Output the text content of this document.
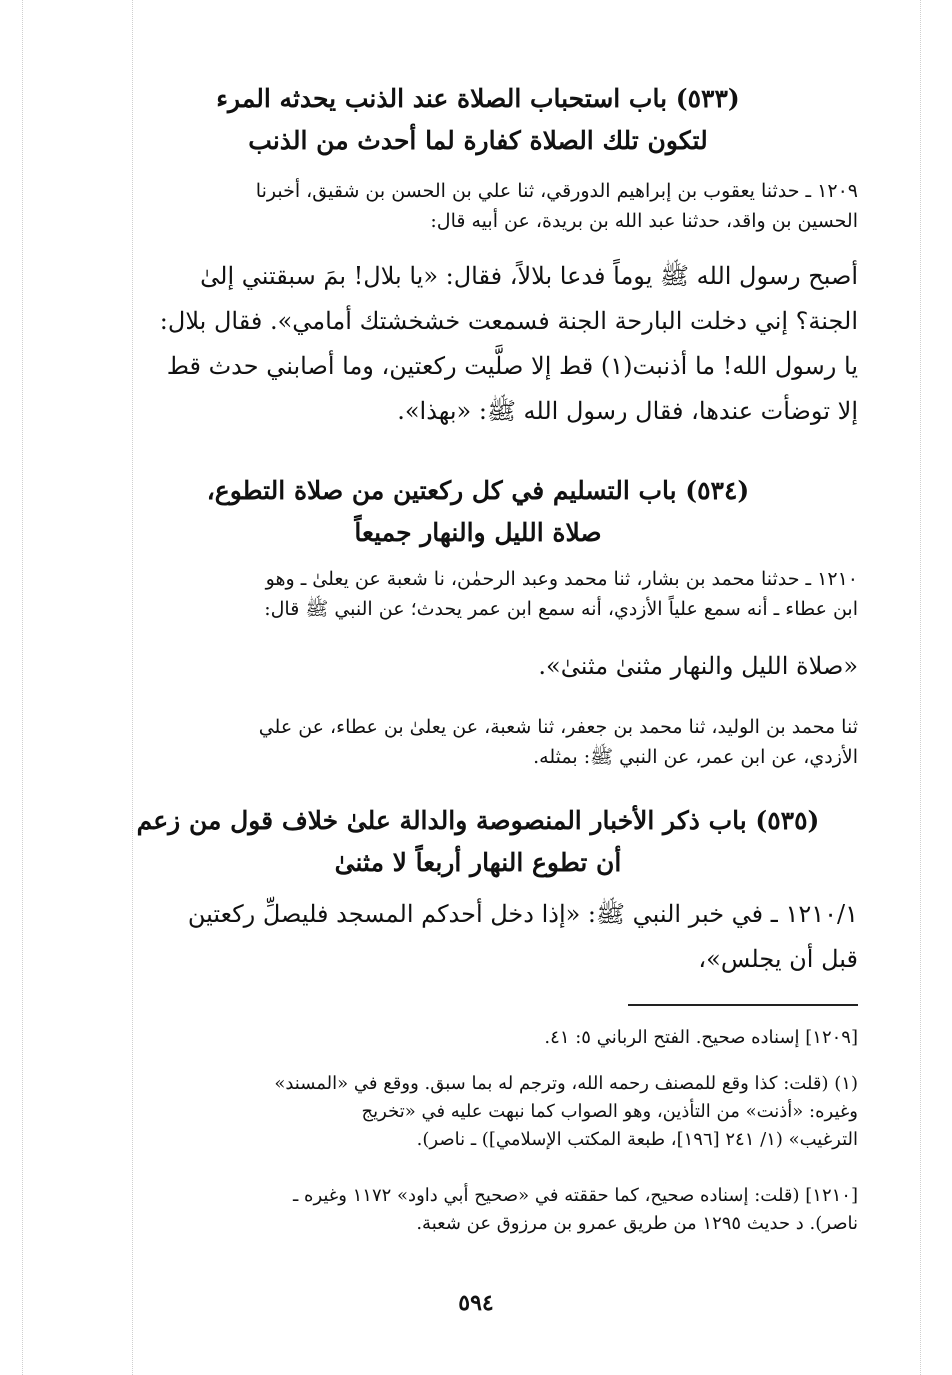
(٥٣٣) باب استحباب الصلاة عند الذنب يحدثه المرء
لتكون تلك الصلاة كفارة لما أحدث من الذنب
١٢٠٩ ـ حدثنا يعقوب بن إبراهيم الدورقي، ثنا علي بن الحسن بن شقيق، أخبرنا
الحسين بن واقد، حدثنا عبد الله بن بريدة، عن أبيه قال:
أصبح رسول الله ﷺ يوماً فدعا بلالاً، فقال: «يا بلال! بمَ سبقتني إلىٰ
الجنة؟ إني دخلت البارحة الجنة فسمعت خشخشتك أمامي». فقال بلال:
يا رسول الله! ما أذنبت(١) قط إلا صلَّيت ركعتين، وما أصابني حدث قط
إلا توضأت عندها، فقال رسول الله ﷺ: «بهذا».
(٥٣٤) باب التسليم في كل ركعتين من صلاة التطوع،
صلاة الليل والنهار جميعاً
١٢١٠ ـ حدثنا محمد بن بشار، ثنا محمد وعبد الرحمٰن، نا شعبة عن يعلىٰ ـ وهو
ابن عطاء ـ أنه سمع علياً الأزدي، أنه سمع ابن عمر يحدث؛ عن النبي ﷺ قال:
«صلاة الليل والنهار مثنىٰ مثنىٰ».
ثنا محمد بن الوليد، ثنا محمد بن جعفر، ثنا شعبة، عن يعلىٰ بن عطاء، عن علي
الأزدي، عن ابن عمر، عن النبي ﷺ: بمثله.
(٥٣٥) باب ذكر الأخبار المنصوصة والدالة علىٰ خلاف قول من زعم
أن تطوع النهار أربعاً لا مثنىٰ
١٢١٠/١ ـ في خبر النبي ﷺ: «إذا دخل أحدكم المسجد فليصلِّ ركعتين
قبل أن يجلس»،
[١٢٠٩] إسناده صحيح. الفتح الرباني ٥: ٤١.
(١) (قلت: كذا وقع للمصنف رحمه الله، وترجم له بما سبق. ووقع في «المسند»
وغيره: «أذنت» من التأذين، وهو الصواب كما نبهت عليه في «تخريج
الترغيب» (١/ ٢٤١ [١٩٦]، طبعة المكتب الإسلامي]) ـ ناصر).
[١٢١٠] (قلت: إسناده صحيح، كما حققته في «صحيح أبي داود» ١١٧٢ وغيره ـ
ناصر). د حديث ١٢٩٥ من طريق عمرو بن مرزوق عن شعبة.
٥٩٤
